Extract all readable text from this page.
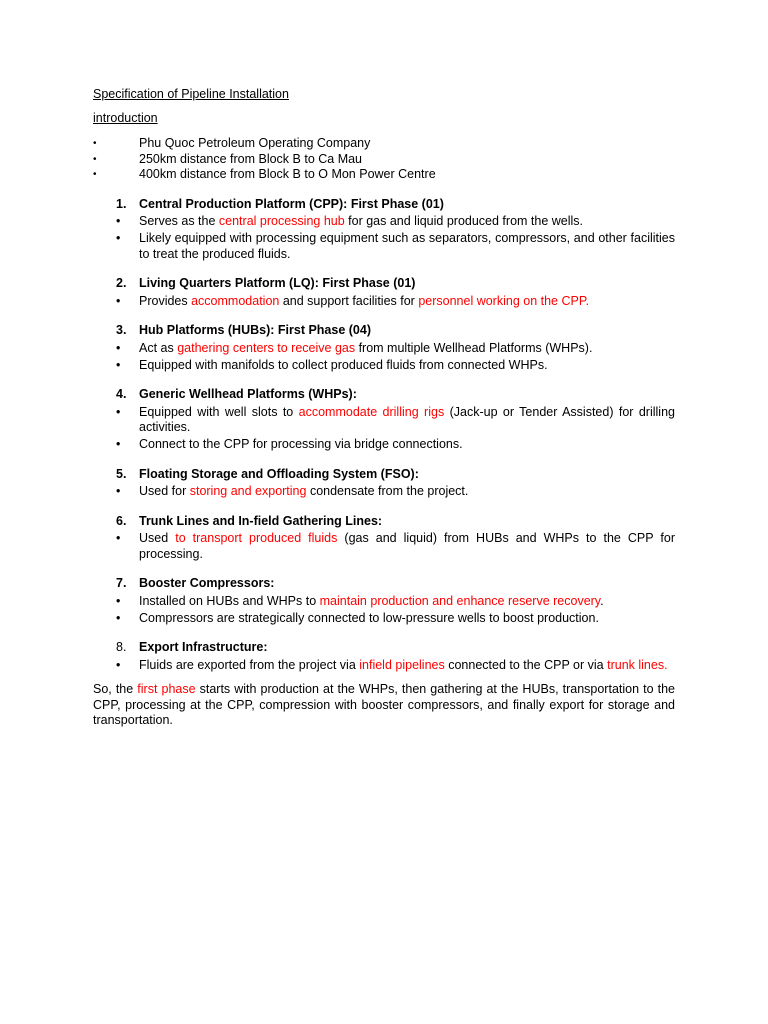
Specification of Pipeline Installation
introduction
•	Phu Quoc Petroleum Operating Company
•	250km distance from Block B to Ca Mau
•	400km distance from Block B to O Mon Power Centre
1. Central Production Platform (CPP): First Phase (01)
•	Serves as the central processing hub for gas and liquid produced from the wells.
•	Likely equipped with processing equipment such as separators, compressors, and other facilities to treat the produced fluids.
2. Living Quarters Platform (LQ): First Phase (01)
•	Provides accommodation and support facilities for personnel working on the CPP.
3. Hub Platforms (HUBs): First Phase (04)
•	Act as gathering centers to receive gas from multiple Wellhead Platforms (WHPs).
•	Equipped with manifolds to collect produced fluids from connected WHPs.
4. Generic Wellhead Platforms (WHPs):
•	Equipped with well slots to accommodate drilling rigs (Jack-up or Tender Assisted) for drilling activities.
•	Connect to the CPP for processing via bridge connections.
5. Floating Storage and Offloading System (FSO):
•	Used for storing and exporting condensate from the project.
6. Trunk Lines and In-field Gathering Lines:
•	Used to transport produced fluids (gas and liquid) from HUBs and WHPs to the CPP for processing.
7. Booster Compressors:
•	Installed on HUBs and WHPs to maintain production and enhance reserve recovery.
•	Compressors are strategically connected to low-pressure wells to boost production.
8. Export Infrastructure:
•	Fluids are exported from the project via infield pipelines connected to the CPP or via trunk lines.
So, the first phase starts with production at the WHPs, then gathering at the HUBs, transportation to the CPP, processing at the CPP, compression with booster compressors, and finally export for storage and transportation.
